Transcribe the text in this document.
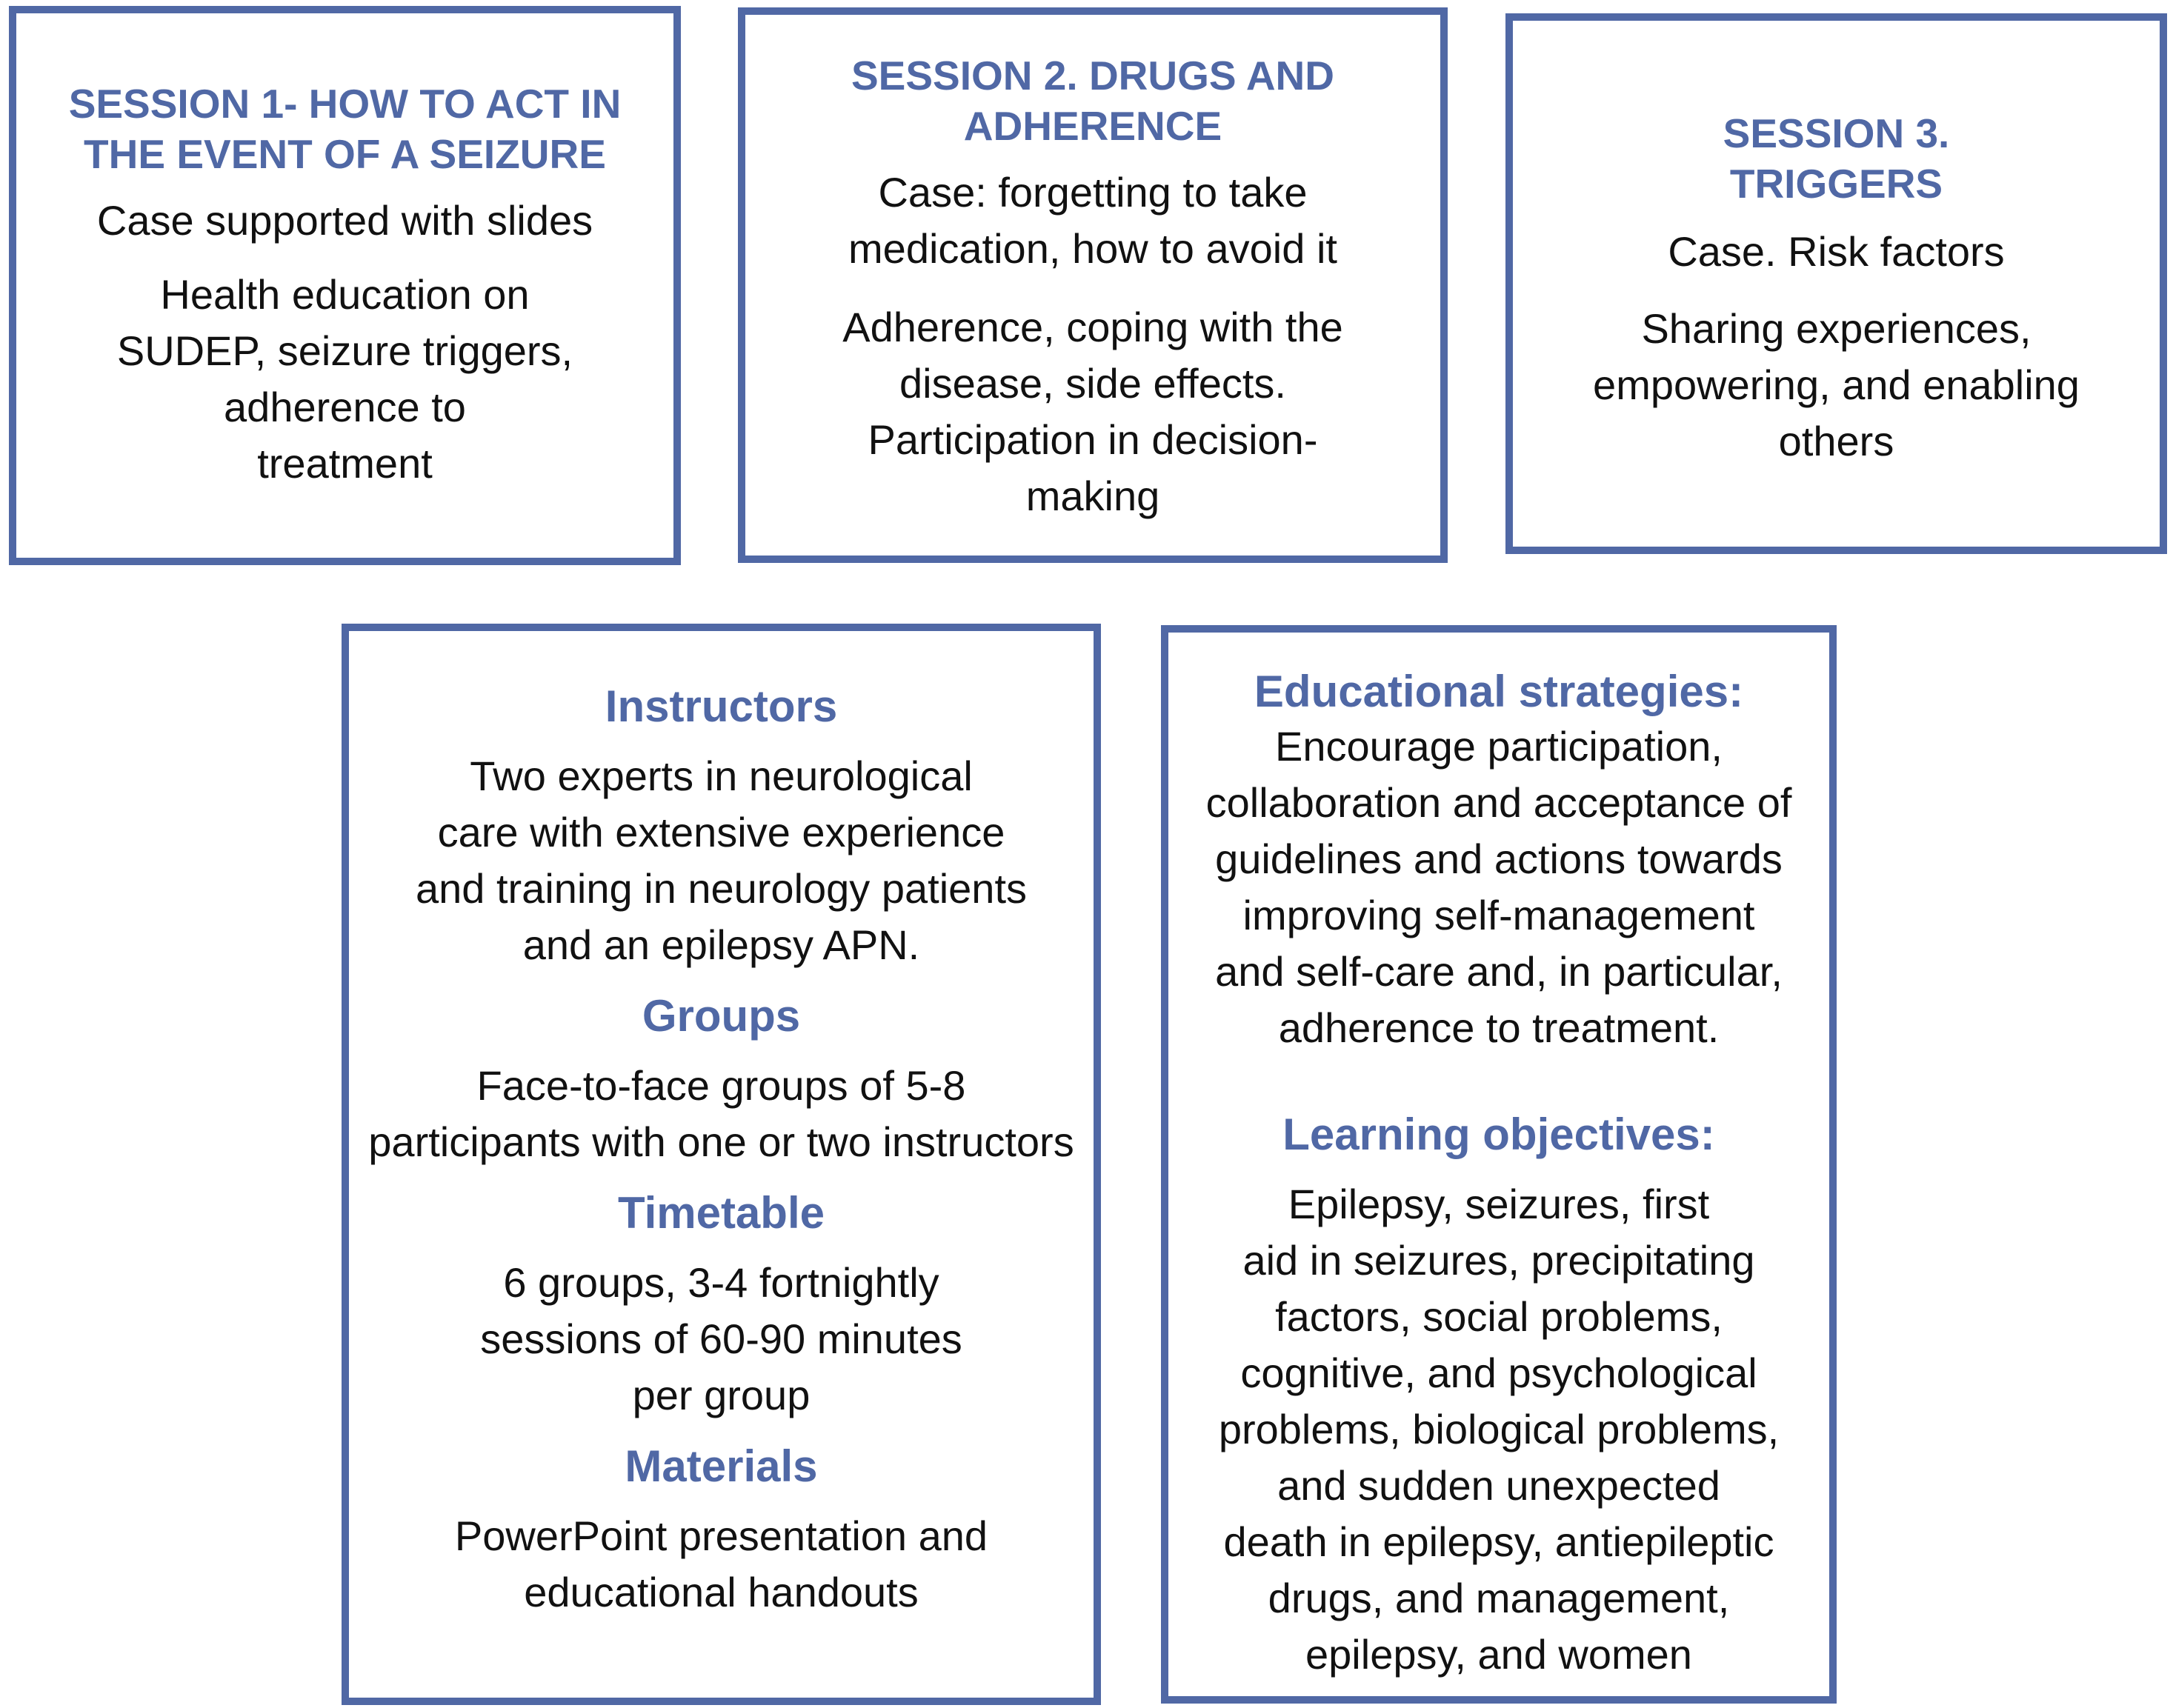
SESSION 1- HOW TO ACT IN
THE EVENT OF A SEIZURE

Case supported with slides

Health education on
SUDEP, seizure triggers,
adherence to
treatment

SESSION 2. DRUGS AND
ADHERENCE

Case: forgetting to take
medication, how to avoid it

Adherence, coping with the
disease, side effects.
Participation in decision-
making

SESSION 3.
TRIGGERS

Case. Risk factors

Sharing experiences,
empowering, and enabling
others

Instructors

Two experts in neurological
care with extensive experience
and training in neurology patients
and an epilepsy APN.

Groups

Face-to-face groups of 5-8
participants with one or two instructors

Timetable

6 groups, 3-4 fortnightly
sessions of 60-90 minutes
per group

Materials

PowerPoint presentation and
educational handouts

Educational strategies:

Encourage participation,
collaboration and acceptance of
guidelines and actions towards
improving self-management
and self-care and, in particular,
adherence to treatment.

Learning objectives:

Epilepsy, seizures, first
aid in seizures, precipitating
factors, social problems,
cognitive, and psychological
problems, biological problems,
and sudden unexpected
death in epilepsy, antiepileptic
drugs, and management,
epilepsy, and women
